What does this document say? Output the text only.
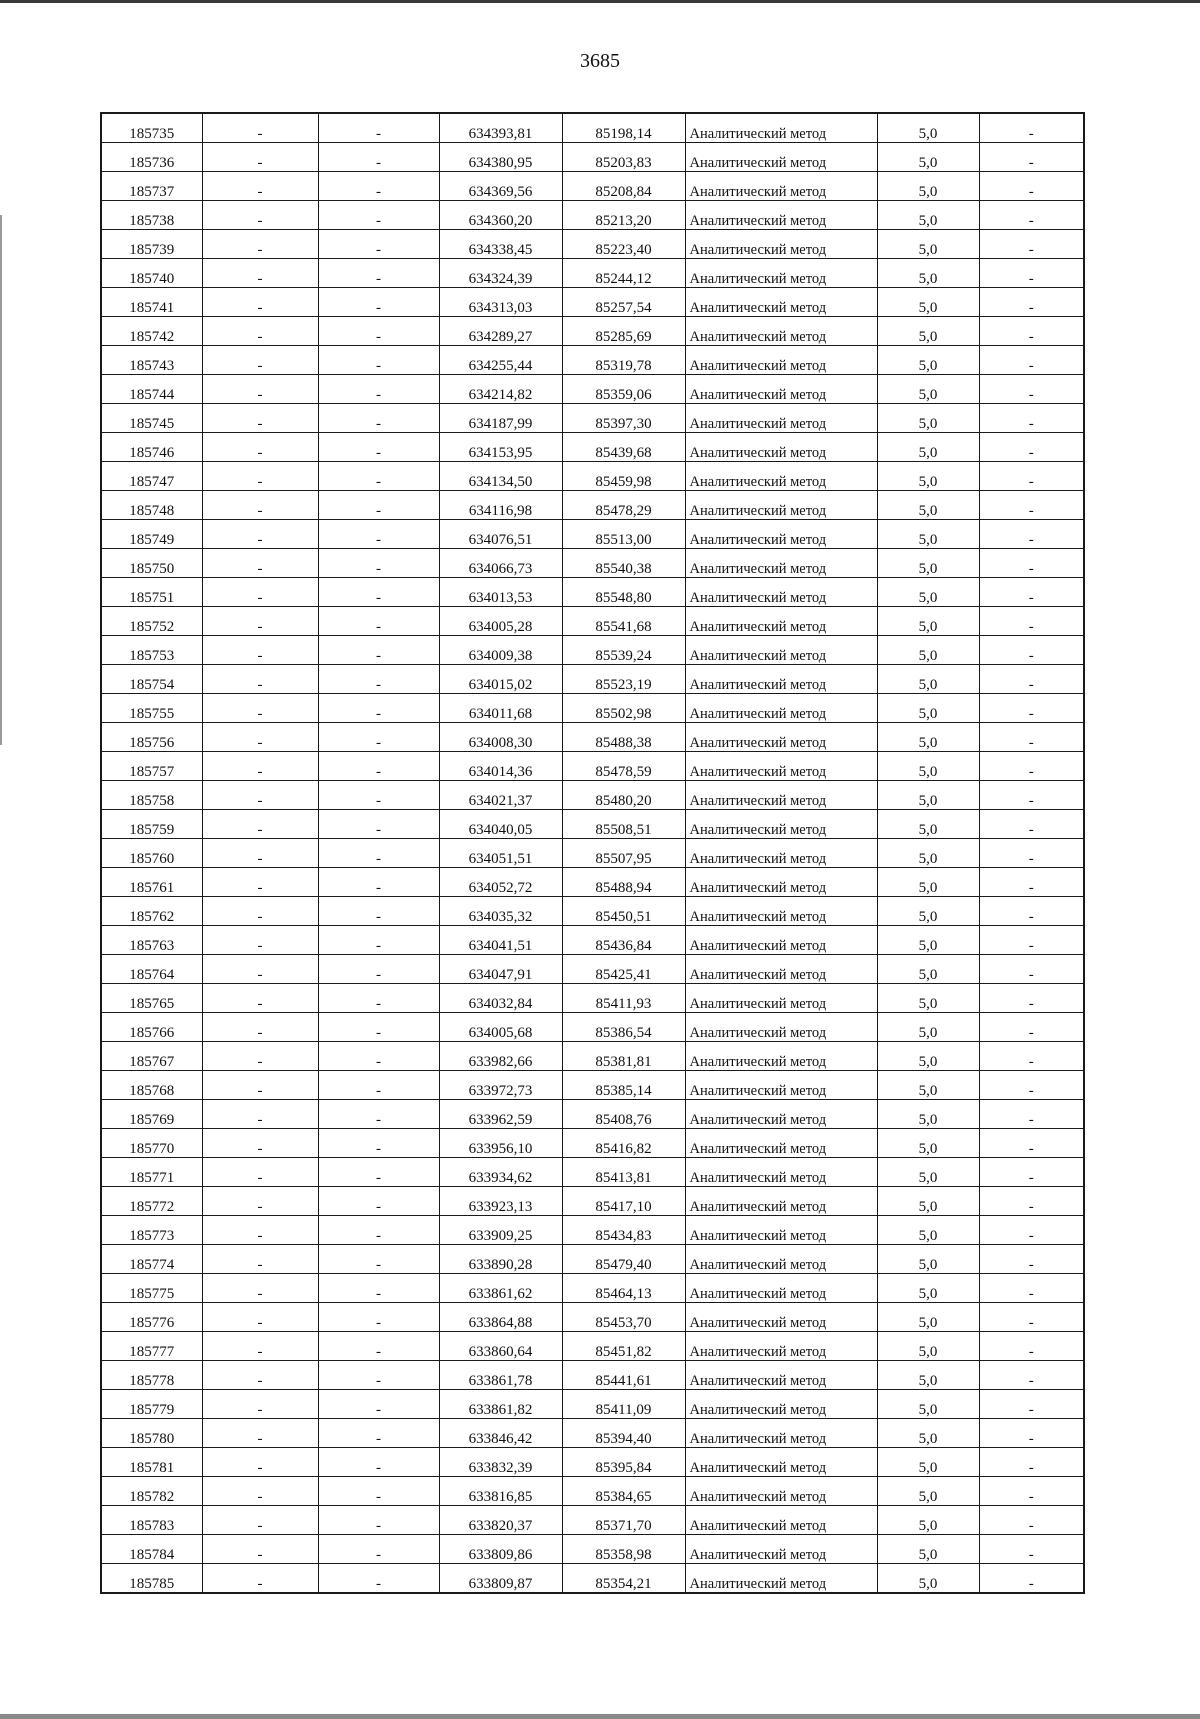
3685
185735	-	-	634393,81	85198,14	Аналитический метод	5,0	-
185736	-	-	634380,95	85203,83	Аналитический метод	5,0	-
185737	-	-	634369,56	85208,84	Аналитический метод	5,0	-
185738	-	-	634360,20	85213,20	Аналитический метод	5,0	-
185739	-	-	634338,45	85223,40	Аналитический метод	5,0	-
185740	-	-	634324,39	85244,12	Аналитический метод	5,0	-
185741	-	-	634313,03	85257,54	Аналитический метод	5,0	-
185742	-	-	634289,27	85285,69	Аналитический метод	5,0	-
185743	-	-	634255,44	85319,78	Аналитический метод	5,0	-
185744	-	-	634214,82	85359,06	Аналитический метод	5,0	-
185745	-	-	634187,99	85397,30	Аналитический метод	5,0	-
185746	-	-	634153,95	85439,68	Аналитический метод	5,0	-
185747	-	-	634134,50	85459,98	Аналитический метод	5,0	-
185748	-	-	634116,98	85478,29	Аналитический метод	5,0	-
185749	-	-	634076,51	85513,00	Аналитический метод	5,0	-
185750	-	-	634066,73	85540,38	Аналитический метод	5,0	-
185751	-	-	634013,53	85548,80	Аналитический метод	5,0	-
185752	-	-	634005,28	85541,68	Аналитический метод	5,0	-
185753	-	-	634009,38	85539,24	Аналитический метод	5,0	-
185754	-	-	634015,02	85523,19	Аналитический метод	5,0	-
185755	-	-	634011,68	85502,98	Аналитический метод	5,0	-
185756	-	-	634008,30	85488,38	Аналитический метод	5,0	-
185757	-	-	634014,36	85478,59	Аналитический метод	5,0	-
185758	-	-	634021,37	85480,20	Аналитический метод	5,0	-
185759	-	-	634040,05	85508,51	Аналитический метод	5,0	-
185760	-	-	634051,51	85507,95	Аналитический метод	5,0	-
185761	-	-	634052,72	85488,94	Аналитический метод	5,0	-
185762	-	-	634035,32	85450,51	Аналитический метод	5,0	-
185763	-	-	634041,51	85436,84	Аналитический метод	5,0	-
185764	-	-	634047,91	85425,41	Аналитический метод	5,0	-
185765	-	-	634032,84	85411,93	Аналитический метод	5,0	-
185766	-	-	634005,68	85386,54	Аналитический метод	5,0	-
185767	-	-	633982,66	85381,81	Аналитический метод	5,0	-
185768	-	-	633972,73	85385,14	Аналитический метод	5,0	-
185769	-	-	633962,59	85408,76	Аналитический метод	5,0	-
185770	-	-	633956,10	85416,82	Аналитический метод	5,0	-
185771	-	-	633934,62	85413,81	Аналитический метод	5,0	-
185772	-	-	633923,13	85417,10	Аналитический метод	5,0	-
185773	-	-	633909,25	85434,83	Аналитический метод	5,0	-
185774	-	-	633890,28	85479,40	Аналитический метод	5,0	-
185775	-	-	633861,62	85464,13	Аналитический метод	5,0	-
185776	-	-	633864,88	85453,70	Аналитический метод	5,0	-
185777	-	-	633860,64	85451,82	Аналитический метод	5,0	-
185778	-	-	633861,78	85441,61	Аналитический метод	5,0	-
185779	-	-	633861,82	85411,09	Аналитический метод	5,0	-
185780	-	-	633846,42	85394,40	Аналитический метод	5,0	-
185781	-	-	633832,39	85395,84	Аналитический метод	5,0	-
185782	-	-	633816,85	85384,65	Аналитический метод	5,0	-
185783	-	-	633820,37	85371,70	Аналитический метод	5,0	-
185784	-	-	633809,86	85358,98	Аналитический метод	5,0	-
185785	-	-	633809,87	85354,21	Аналитический метод	5,0	-
